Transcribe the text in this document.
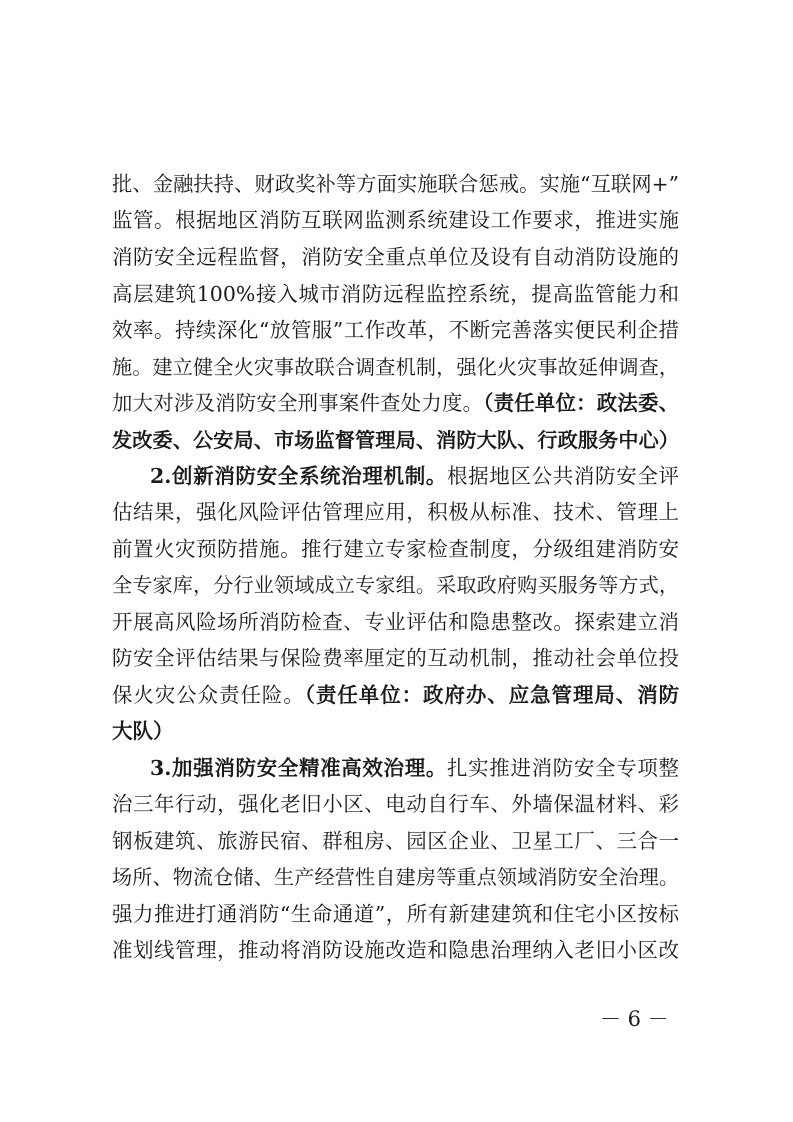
批、金融扶持、财政奖补等方面实施联合惩戒。实施“互联网+”
监管。根据地区消防互联网监测系统建设工作要求，推进实施
消防安全远程监督，消防安全重点单位及设有自动消防设施的
高层建筑100%接入城市消防远程监控系统，提高监管能力和
效率。持续深化“放管服”工作改革，不断完善落实便民利企措
施。建立健全火灾事故联合调查机制，强化火灾事故延伸调查，
加大对涉及消防安全刑事案件查处力度。（责任单位：政法委、
发改委、公安局、市场监督管理局、消防大队、行政服务中心）
2.创新消防安全系统治理机制。根据地区公共消防安全评
估结果，强化风险评估管理应用，积极从标准、技术、管理上
前置火灾预防措施。推行建立专家检查制度，分级组建消防安
全专家库，分行业领域成立专家组。采取政府购买服务等方式，
开展高风险场所消防检查、专业评估和隐患整改。探索建立消
防安全评估结果与保险费率厘定的互动机制，推动社会单位投
保火灾公众责任险。（责任单位：政府办、应急管理局、消防
大队）
3.加强消防安全精准高效治理。扎实推进消防安全专项整
治三年行动，强化老旧小区、电动自行车、外墙保温材料、彩
钢板建筑、旅游民宿、群租房、园区企业、卫星工厂、三合一
场所、物流仓储、生产经营性自建房等重点领域消防安全治理。
强力推进打通消防“生命通道”，所有新建建筑和住宅小区按标
准划线管理，推动将消防设施改造和隐患治理纳入老旧小区改
－ 6 －
